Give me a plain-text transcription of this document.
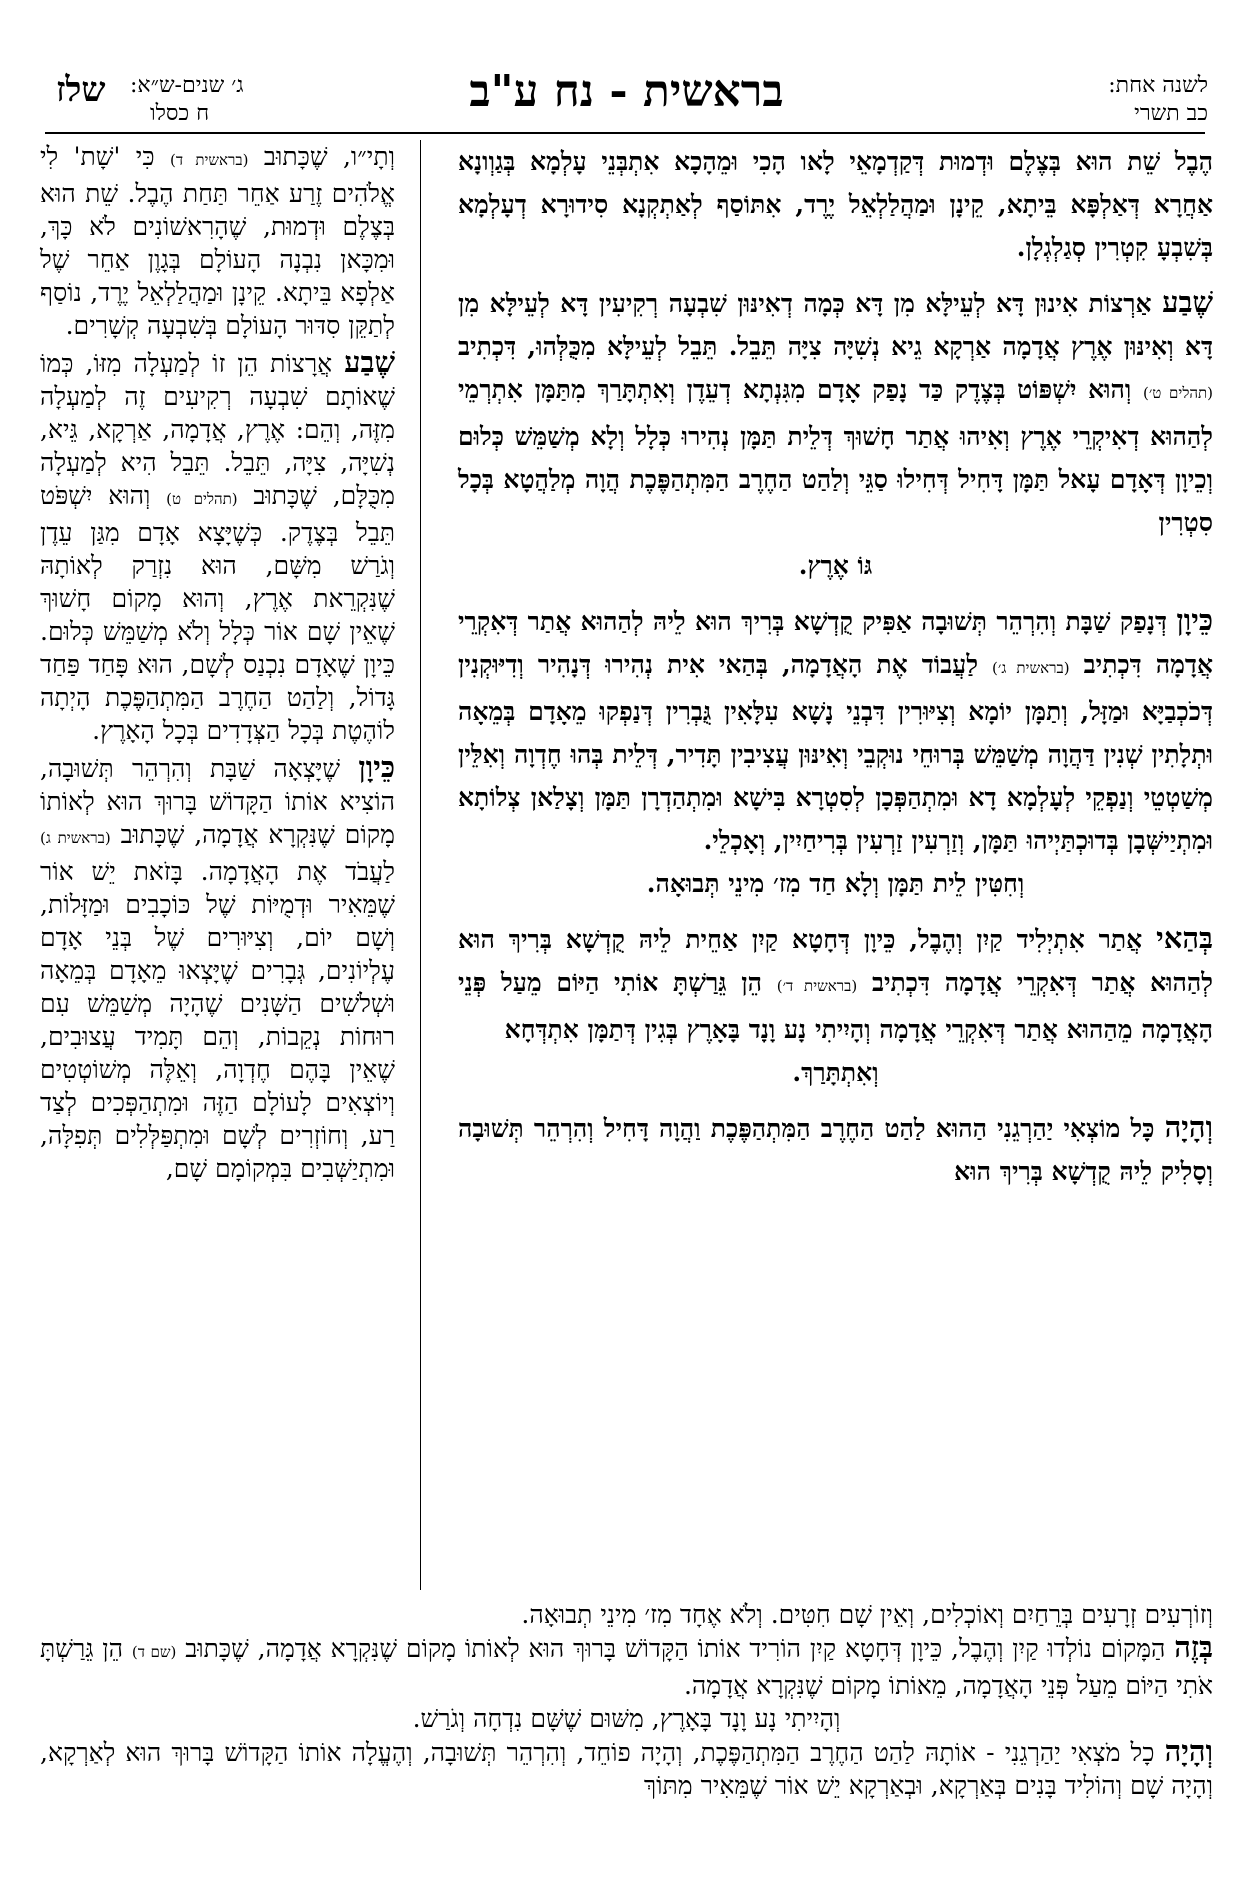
לשנה אחת:
כב תשרי
בראשית - נח ע"ב
ג׳ שנים-ש״א:
ח כסלו
שלז

הֶבֶל שֵׁת הוּא בְּצֶלֶם וּדְמוּת דְּקַדְמָאֵי לָאו הָכִי וּמֵהָכָא אִתְבְּנֵי עָלְמָא בְּגַוְונָא אַחֲרָא דְּאַלְפָּא בֵּיתָא, קֵינָן וּמַהֲלַלְאֵל יֶרֶד, אִתּוֹסַף לְאַתְקְנָא סִידוּרָא דְעָלְמָא בְּשִׁבְעָ קִטְרִין סְגַלְגְלָן.

שֶׁבַע אַרְצוֹת אִינוּן דָּא לְעֵילָּא מִן דָּא כְּמָה דְאִינּוּן שִׁבְעָה רְקִיעִין דָּא לְעֵילָּא מִן דָּא וְאִינּוּן אֶרֶץ אֲדָמָה אַרְקָא גֵיא נְשִׁיָּה צִיָּה תֵּבֵל. תֵּבֵל לְעֵילָּא מִכֻּלְּהוּ, דִּכְתִיב (תהלים ט׳) וְהוּא יִשְׁפּוֹט בְּצֶדֶק כַּד נָפַק אָדָם מִגִּנְתָא דְעֵדֶן וְאִתְתָּרַךְ מִתַּמָּן אִתְרְמֵי לְהַהוּא דְאִיקְרֵי אֶרֶץ וְאִיהוּ אֲתַר חָשׁוּךְ דְּלֵית תַּמָּן נְהִירוּ כְּלָל וְלָא מְשַׁמֵּשׁ כְּלוּם וְכֵיוָן דְּאָדָם עָאל תַּמָּן דָּחִיל דְּחִילוּ סַגֵּי וְלַהַט הַחֶרֶב הַמִּתְהַפֶּכֶת הֲוָה מְלַהֲטָא בְּכָל סִטְרִין

גּוֹ אֶרֶץ.

כֵּיוָן דְּנָפַק שַׁבָּת וְהִרְהֵר תְּשׁוּבָה אַפִּיק קֻדְשָׁא בְּרִיךְ הוּא לֵיהּ לְהַהוּא אֲתַר דְּאִקְרֵי אֲדָמָה דִּכְתִיב (בראשית ג׳) לַעֲבוֹד אֶת הָאֲדָמָה, בְּהַאי אִית נְהִירוּ דְּנָהִיר וְדִיּוּקְנִין דְּכֹכְבַיָּא וּמַזָּל, וְתַמָּן יוֹמָא וְצִיּוּרִין דִּבְנֵי נָשָׁא עִלָּאִין גֻּבְרִין דְּנַפְקוּ מֵאָדָם בְּמֵאָה וּתְלָתִין שְׁנִין דַּהֲוָה מְשַׁמֵּשׁ בְּרוּחֵי נוּקְבֵי וְאִינּוּן עֲצִיבִין תָּדִיר, דְּלֵית בְּהוּ חֶדְוָה וְאִלֵּין מְשַׁטְטֵי וְנַפְקֵי לְעָלְמָא דָא וּמִתְהַפְּכָן לְסִטְרָא בִּישָׁא וּמִתְהַדְרָן תַּמָּן וְצָלַאן צְלוֹתָא וּמִתְיַישְּׁבָן בְּדוּכְתַּיְיהוּ תַּמָּן, וְזַרְעִין זַרְעִין בְּרִיחַיִין, וְאָכְלֵי.

וְחִטִּין לֵית תַּמָּן וְלָא חַד מִז׳ מִינֵי תְּבוּאָה.

בְּהַאי אֲתַר אִתְיְלִיד קַיִן וְהֶבֶל, כֵּיוָן דְּחָטָא קַיִן אַחֵית לֵיהּ קֻדְשָׁא בְּרִיךְ הוּא לְהַהוּא אֲתַר דְּאִקְרֵי אֲדָמָה דִּכְתִיב (בראשית ד׳) הֵן גֵּרַשְׁתָּ אוֹתִי הַיּוֹם מֵעַל פְּנֵי הָאֲדָמָה מֵהַהוּא אֲתַר דְּאִקְרֵי אֲדָמָה וְהָיִיתִי נָע וָנָד בָּאָרֶץ בְּגִין דְּתַמָּן אִתְדְּחָא

וְאִתְתָּרַךְ.

וְהָיָה כָּל מוֹצְאִי יַהַרְגֵנִי הַהוּא לַהַט הַחֶרֶב הַמִּתְהַפֶּכֶת וַהֲוָה דָּחִיל וְהִרְהֵר תְּשׁוּבָה וְסָלִיק לֵיהּ קֻדְשָׁא בְּרִיךְ הוּא

וְתָי״ו, שֶׁכָּתוּב (בראשית ד) כִּי 'שָׁת' לִי אֱלֹהִים זֶרַע אַחֵר תַּחַת הֶבֶל. שֵׁת הוּא בְּצֶלֶם וּדְמוּת, שֶׁהָרִאשׁוֹנִים לֹא כָּךְ, וּמִכָּאן נִבְנָה הָעוֹלָם בְּגָוֶן אַחֵר שֶׁל אַלְפָא בֵּיתָא. קֵינָן וּמַהֲלַלְאֵל יֶרֶד, נוֹסַף לְתַקֵּן סִדּוּר הָעוֹלָם בְּשִׁבְעָה קְשָׁרִים.

שֶׁבַע אֲרָצוֹת הֵן זוֹ לְמַעְלָה מִזּוֹ, כְּמוֹ שֶׁאוֹתָם שִׁבְעָה רְקִיעִים זֶה לְמַעְלָה מִזֶּה, וְהֵם: אֶרֶץ, אֲדָמָה, אַרְקָא, גֵּיא, נְשִׁיָּה, צִיָּה, תֵּבֵל. תֵּבֵל הִיא לְמַעְלָה מִכֻּלָּם, שֶׁכָּתוּב (תהלים ט) וְהוּא יִשְׁפֹּט תֵּבֵל בְּצֶדֶק. כְּשֶׁיָּצָא אָדָם מִגַּן עֵדֶן וְגֹרַשׁ מִשָּׁם, הוּא נִזְרַק לְאוֹתָהּ שֶׁנִּקְרֵאת אֶרֶץ, וְהוּא מָקוֹם חָשׁוּךְ שֶׁאֵין שָׁם אוֹר כְּלָל וְלֹא מְשַׁמֵּשׁ כְּלוּם. כֵּיוָן שֶׁאָדָם נִכְנַס לְשָׁם, הוּא פָּחַד פַּחַד גָּדוֹל, וְלַהַט הַחֶרֶב הַמִּתְהַפֶּכֶת הָיְתָה לוֹהֶטֶת בְּכָל הַצְּדָדִים בְּכָל הָאָרֶץ.

כֵּיוָן שֶׁיָּצְאָה שַׁבָּת וְהִרְהֵר תְּשׁוּבָה, הוֹצִיא אוֹתוֹ הַקָּדוֹשׁ בָּרוּךְ הוּא לְאוֹתוֹ מָקוֹם שֶׁנִּקְרָא אֲדָמָה, שֶׁכָּתוּב (בראשית ג) לַעֲבֹד אֶת הָאֲדָמָה. בָּזֹאת יֵשׁ אוֹר שֶׁמֵּאִיר וּדְמֻיּוֹת שֶׁל כּוֹכָבִים וּמַזָּלוֹת, וְשָׁם יוֹם, וְצִיּוּרִים שֶׁל בְּנֵי אָדָם עֶלְיוֹנִים, גְּבָרִים שֶׁיָּצְאוּ מֵאָדָם בְּמֵאָה וּשְׁלֹשִׁים הַשָּׁנִים שֶׁהָיָה מְשַׁמֵּשׁ עִם רוּחוֹת נְקֵבוֹת, וְהֵם תָּמִיד עֲצוּבִים, שֶׁאֵין בָּהֶם חֶדְוָה, וְאֵלֶּה מְשׁוֹטְטִים וְיוֹצְאִים לָעוֹלָם הַזֶּה וּמִתְהַפְּכִים לְצַד רַע, וְחוֹזְרִים לְשָׁם וּמִתְפַּלְּלִים תְּפִלָּה, וּמִתְיַשְּׁבִים בִּמְקוֹמָם שָׁם,

וְזוֹרְעִים זְרָעִים בְּרֵחַיִם וְאוֹכְלִים, וְאֵין שָׁם חִטִּים. וְלֹא אֶחָד מִז׳ מִינֵי תְבוּאָה.

בְּזֶה הַמָּקוֹם נוֹלְדוּ קַיִן וְהֶבֶל, כֵּיוָן דְּחָטָא קַיִן הוֹרִיד אוֹתוֹ הַקָּדוֹשׁ בָּרוּךְ הוּא לְאוֹתוֹ מָקוֹם שֶׁנִּקְרָא אֲדָמָה, שֶׁכָּתוּב (שם ד) הֵן גֵּרַשְׁתָּ אֹתִי הַיּוֹם מֵעַל פְּנֵי הָאֲדָמָה, מֵאוֹתוֹ מָקוֹם שֶׁנִּקְרָא אֲדָמָה.

וְהָיִיתִי נָע וָנָד בָּאָרֶץ, מִשּׁוּם שֶׁשָּׁם נִדְחָה וְגֹרַשׁ.

וְהָיָה כָל מֹצְאִי יַהַרְגֵנִי - אוֹתָהּ לַהַט הַחֶרֶב הַמִּתְהַפֶּכֶת, וְהָיָה פוֹחֵד, וְהִרְהֵר תְּשׁוּבָה, וְהֶעֱלָה אוֹתוֹ הַקָּדוֹשׁ בָּרוּךְ הוּא לְאַרְקָא, וְהָיָה שָׁם וְהוֹלִיד בָּנִים בְּאַרְקָא, וּבְאַרְקָא יֵשׁ אוֹר שֶׁמֵּאִיר מִתּוֹךְ
